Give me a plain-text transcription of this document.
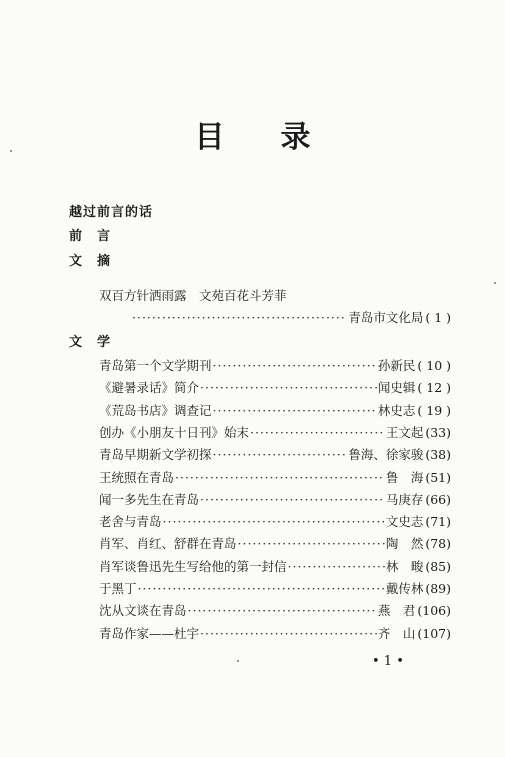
目 录
越过前言的话
前　言
文　摘
双百方针洒雨露　文苑百花斗芳菲
·····
青岛市文化局 ( 1 )
文　学
青岛第一个文学期刊 ·····	孙新民 ( 10 )
《避暑录话》简介 ·····	闻史辑 ( 12 )
《荒岛书店》调查记 ·····	林史志 ( 19 )
创办《小朋友十日刊》始末 ·····	王文起 (33)
青岛早期新文学初探 ·····	鲁海、徐家骏 (38)
王统照在青岛 ·····	鲁　海 (51)
闻一多先生在青岛 ·····	马庚存 (66)
老舍与青岛 ·····	文史志 (71)
肖军、肖红、舒群在青岛 ·····	陶　然 (78)
肖军谈鲁迅先生写给他的第一封信 ·····	林　畯 (85)
于黑丁 ·····	戴传林 (89)
沈从文谈在青岛 ·····	燕　君 (106)
青岛作家——杜宇 ·····	齐　山 (107)
• 1 •
